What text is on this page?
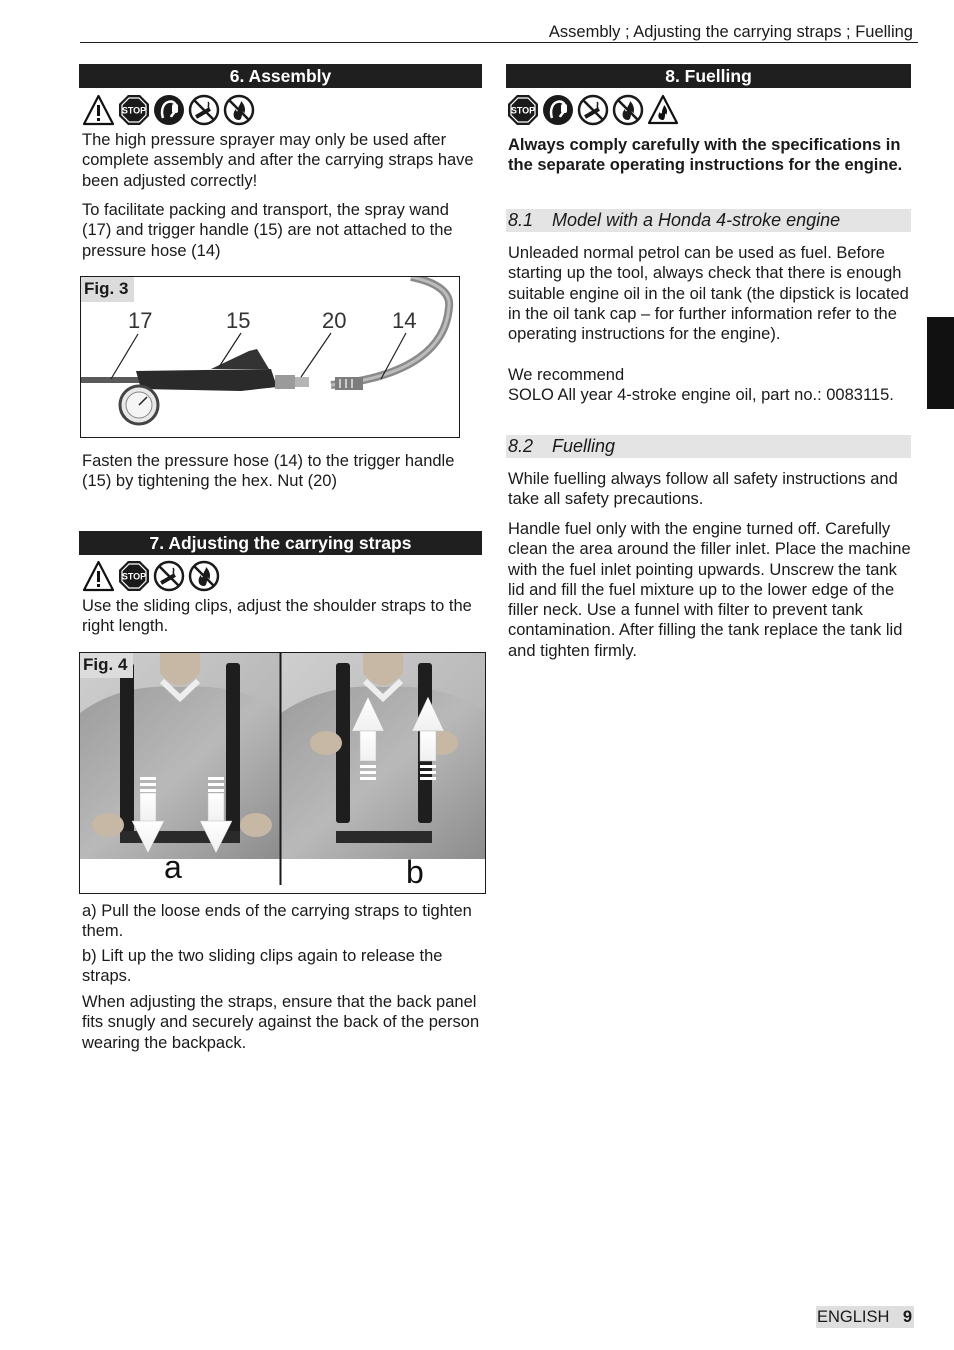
Assembly ; Adjusting the carrying straps ; Fuelling
6. Assembly
STOP

The high pressure sprayer may only be used after complete assembly and after the carrying straps have been adjusted correctly!

To facilitate packing and transport, the spray wand (17) and trigger handle (15) are not attached to the pressure hose (14)

Fig. 3
17	15	20 14

Fasten the pressure hose (14) to the trigger handle (15) by tightening the hex. Nut (20)

7. Adjusting the carrying straps
STOP

Use the sliding clips, adjust the shoulder straps to the right length.

Fig. 4
a	b

a) Pull the loose ends of the carrying straps to tighten them.

b) Lift up the two sliding clips again to release the straps.

When adjusting the straps, ensure that the back panel fits snugly and securely against the back of the person wearing the backpack.

8. Fuelling
STOP

Always comply carefully with the specifications in the separate operating instructions for the engine.

8.1 Model with a Honda 4-stroke engine

Unleaded normal petrol can be used as fuel. Before starting up the tool, always check that there is enough suitable engine oil in the oil tank (the dipstick is located in the oil tank cap – for further information refer to the operating instructions for the engine).

We recommend

SOLO All year 4-stroke engine oil, part no.: 0083115.

8.2 Fuelling

While fuelling always follow all safety instructions and take all safety precautions.

Handle fuel only with the engine turned off. Carefully clean the area around the filler inlet. Place the machine with the fuel inlet pointing upwards. Unscrew the tank lid and fill the fuel mixture up to the lower edge of the filler neck. Use a funnel with filter to prevent tank contamination. After filling the tank replace the tank lid and tighten firmly.

ENGLISH 9
